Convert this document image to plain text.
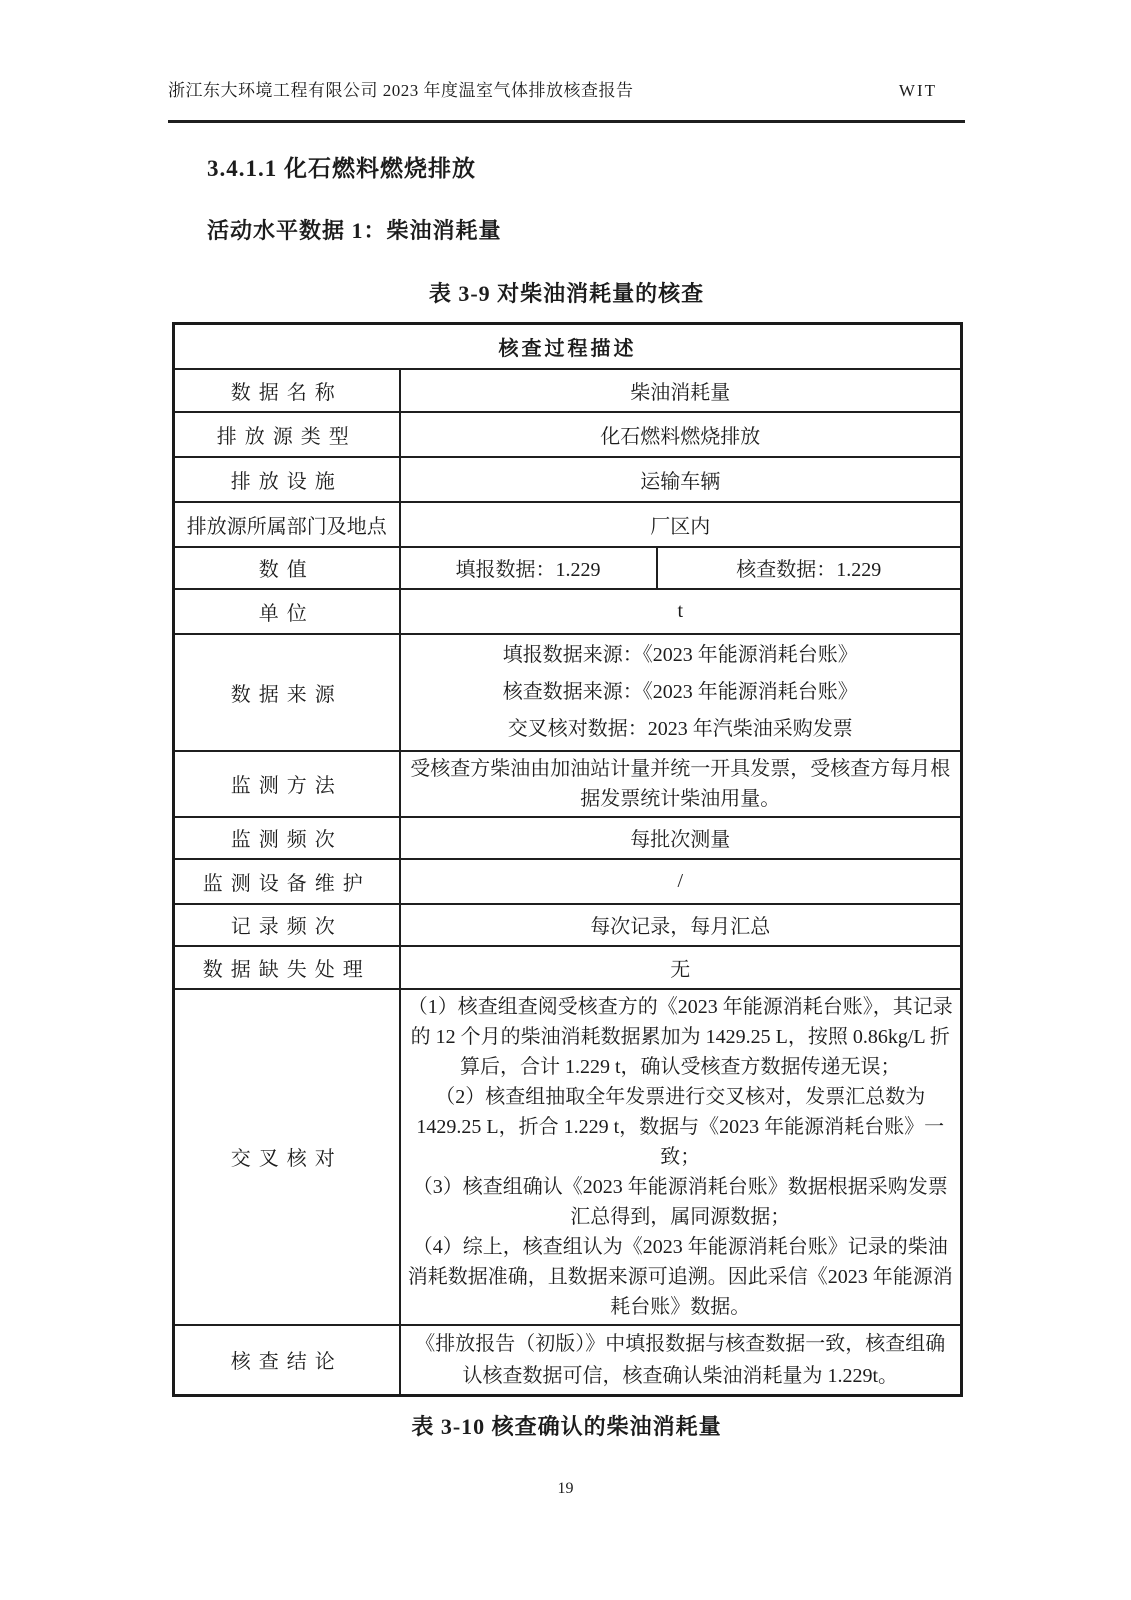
浙江东大环境工程有限公司 2023 年度温室气体排放核查报告	WIT
3.4.1.1 化石燃料燃烧排放
活动水平数据 1：柴油消耗量
表 3-9 对柴油消耗量的核查
核查过程描述		
数据名称	柴油消耗量	
排放源类型	化石燃料燃烧排放	
排放设施	运输车辆	
排放源所属部门及地点	厂区内	
数值	填报数据：1.229	核查数据：1.229
单位	t	
数据来源	填报数据来源：《2023 年能源消耗台账》
核查数据来源：《2023 年能源消耗台账》
交叉核对数据：2023 年汽柴油采购发票	

监测方法	受核查方柴油由加油站计量并统一开具发票，受核查方每月根据发票统计柴油用量。	
监测频次	每批次测量	
监测设备维护	/	
记录频次	每次记录，每月汇总	
数据缺失处理	无	
交叉核对	（1）核查组查阅受核查方的《2023 年能源消耗台账》，其记录的 12 个月的柴油消耗数据累加为 1429.25 L，按照 0.86kg/L 折算后，合计 1.229 t，确认受核查方数据传递无误；

（2）核查组抽取全年发票进行交叉核对，发票汇总数为 1429.25 L，折合 1.229 t，数据与《2023 年能源消耗台账》一致；

（3）核查组确认《2023 年能源消耗台账》数据根据采购发票汇总得到，属同源数据；

（4）综上，核查组认为《2023 年能源消耗台账》记录的柴油消耗数据准确，且数据来源可追溯。因此采信《2023 年能源消耗台账》数据。	

核查结论	《排放报告（初版）》中填报数据与核查数据一致，核查组确认核查数据可信，核查确认柴油消耗量为 1.229t。	
表 3-10 核查确认的柴油消耗量
19
